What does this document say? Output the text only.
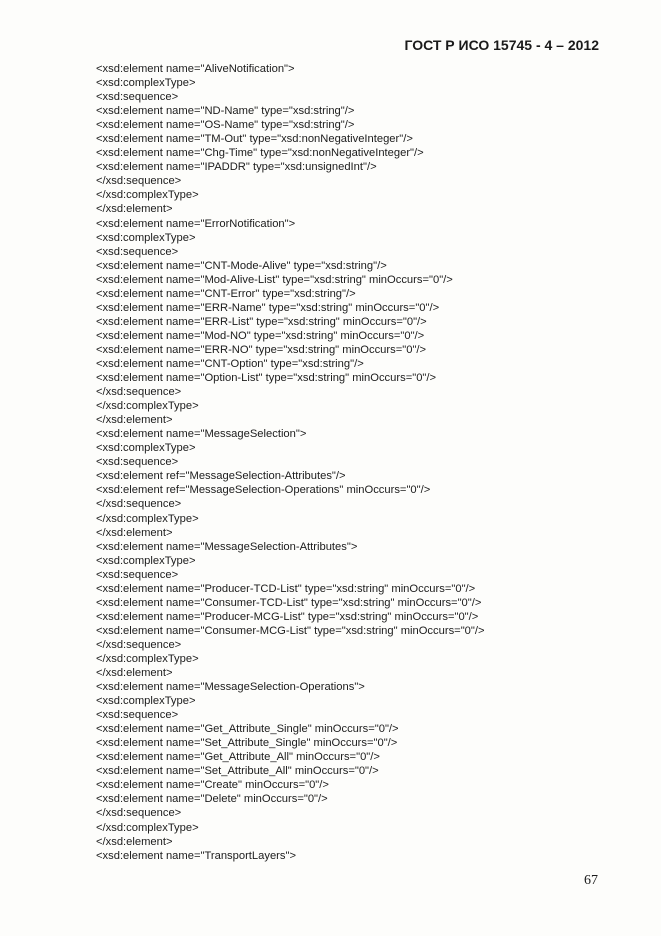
ГОСТ Р ИСО 15745 - 4 – 2012
<xsd:element name="AliveNotification">
<xsd:complexType>
<xsd:sequence>
<xsd:element name="ND-Name" type="xsd:string"/>
<xsd:element name="OS-Name" type="xsd:string"/>
<xsd:element name="TM-Out" type="xsd:nonNegativeInteger"/>
<xsd:element name="Chg-Time" type="xsd:nonNegativeInteger"/>
<xsd:element name="IPADDR" type="xsd:unsignedInt"/>
</xsd:sequence>
</xsd:complexType>
</xsd:element>
<xsd:element name="ErrorNotification">
<xsd:complexType>
<xsd:sequence>
<xsd:element name="CNT-Mode-Alive" type="xsd:string"/>
<xsd:element name="Mod-Alive-List" type="xsd:string" minOccurs="0"/>
<xsd:element name="CNT-Error" type="xsd:string"/>
<xsd:element name="ERR-Name" type="xsd:string" minOccurs="0"/>
<xsd:element name="ERR-List" type="xsd:string" minOccurs="0"/>
<xsd:element name="Mod-NO" type="xsd:string" minOccurs="0"/>
<xsd:element name="ERR-NO" type="xsd:string" minOccurs="0"/>
<xsd:element name="CNT-Option" type="xsd:string"/>
<xsd:element name="Option-List" type="xsd:string" minOccurs="0"/>
</xsd:sequence>
</xsd:complexType>
</xsd:element>
<xsd:element name="MessageSelection">
<xsd:complexType>
<xsd:sequence>
<xsd:element ref="MessageSelection-Attributes"/>
<xsd:element ref="MessageSelection-Operations" minOccurs="0"/>
</xsd:sequence>
</xsd:complexType>
</xsd:element>
<xsd:element name="MessageSelection-Attributes">
<xsd:complexType>
<xsd:sequence>
<xsd:element name="Producer-TCD-List" type="xsd:string" minOccurs="0"/>
<xsd:element name="Consumer-TCD-List" type="xsd:string" minOccurs="0"/>
<xsd:element name="Producer-MCG-List" type="xsd:string" minOccurs="0"/>
<xsd:element name="Consumer-MCG-List" type="xsd:string" minOccurs="0"/>
</xsd:sequence>
</xsd:complexType>
</xsd:element>
<xsd:element name="MessageSelection-Operations">
<xsd:complexType>
<xsd:sequence>
<xsd:element name="Get_Attribute_Single" minOccurs="0"/>
<xsd:element name="Set_Attribute_Single" minOccurs="0"/>
<xsd:element name="Get_Attribute_All" minOccurs="0"/>
<xsd:element name="Set_Attribute_All" minOccurs="0"/>
<xsd:element name="Create" minOccurs="0"/>
<xsd:element name="Delete" minOccurs="0"/>
</xsd:sequence>
</xsd:complexType>
</xsd:element>
<xsd:element name="TransportLayers">
67
